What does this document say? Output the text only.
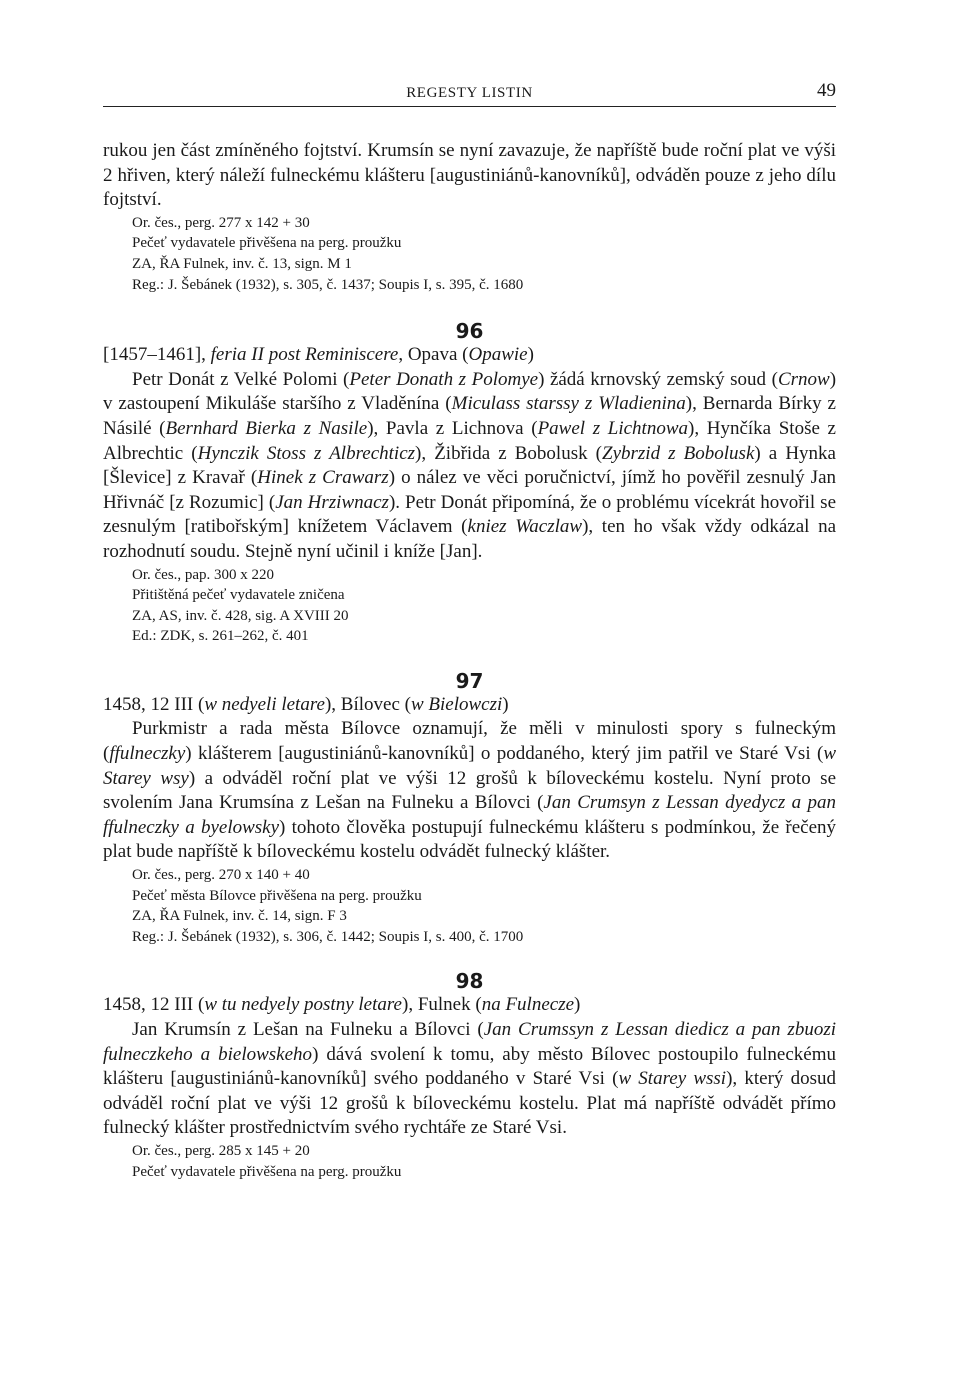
REGESTY LISTIN	49

rukou jen část zmíněného fojtství. Krumsín se nyní zavazuje, že napříště bude roční plat ve výši 2 hřiven, který náleží fulneckému klášteru [augustiniánů-kanovníků], odváděn pouze z jeho dílu fojtství.

Or. čes., perg. 277 x 142 + 30

Pečeť vydavatele přivěšena na perg. proužku

ZA, ŘA Fulnek, inv. č. 13, sign. M 1

Reg.: J. Šebánek (1932), s. 305, č. 1437; Soupis I, s. 395, č. 1680

96

[1457–1461], feria II post Reminiscere, Opava (Opawie)

Petr Donát z Velké Polomi (Peter Donath z Polomye) žádá krnovský zemský soud (Crnow) v zastoupení Mikuláše staršího z Vladěnína (Miculass starssy z Wladienina), Bernarda Bírky z Násilé (Bernhard Bierka z Nasile), Pavla z Lichnova (Pawel z Lichtnowa), Hynčíka Stoše z Albrechtic (Hynczik Stoss z Albrechticz), Žibřida z Bobolusk (Zybrzid z Bobolusk) a Hynka [Šlevice] z Kravař (Hinek z Crawarz) o nález ve věci poručnictví, jímž ho pověřil zesnulý Jan Hřivnáč [z Rozumic] (Jan Hrziwnacz). Petr Donát připomíná, že o problému vícekrát hovořil se zesnulým [ratibořským] knížetem Václavem (kniez Waczlaw), ten ho však vždy odkázal na rozhodnutí soudu. Stejně nyní učinil i kníže [Jan].

Or. čes., pap. 300 x 220

Přitištěná pečeť vydavatele zničena

ZA, AS, inv. č. 428, sig. A XVIII 20

Ed.: ZDK, s. 261–262, č. 401

97

1458, 12 III (w nedyeli letare), Bílovec (w Bielowczi)

Purkmistr a rada města Bílovce oznamují, že měli v minulosti spory s fulneckým (ffulneczky) klášterem [augustiniánů-kanovníků] o poddaného, který jim patřil ve Staré Vsi (w Starey wsy) a odváděl roční plat ve výši 12 grošů k bíloveckému kostelu. Nyní proto se svolením Jana Krumsína z Lešan na Fulneku a Bílovci (Jan Crumsyn z Lessan dyedycz a pan ffulneczky a byelowsky) tohoto člověka postupují fulneckému klášteru s podmínkou, že řečený plat bude napříště k bíloveckému kostelu odvádět fulnecký klášter.

Or. čes., perg. 270 x 140 + 40

Pečeť města Bílovce přivěšena na perg. proužku

ZA, ŘA Fulnek, inv. č. 14, sign. F 3

Reg.: J. Šebánek (1932), s. 306, č. 1442; Soupis I, s. 400, č. 1700

98

1458, 12 III (w tu nedyely postny letare), Fulnek (na Fulnecze)

Jan Krumsín z Lešan na Fulneku a Bílovci (Jan Crumssyn z Lessan diedicz a pan zbuozi fulneczkeho a bielowskeho) dává svolení k tomu, aby město Bílovec postoupilo fulneckému klášteru [augustiniánů-kanovníků] svého poddaného v Staré Vsi (w Starey wssi), který dosud odváděl roční plat ve výši 12 grošů k bíloveckému kostelu. Plat má napříště odvádět přímo fulnecký klášter prostřednictvím svého rychtáře ze Staré Vsi.

Or. čes., perg. 285 x 145 + 20

Pečeť vydavatele přivěšena na perg. proužku
